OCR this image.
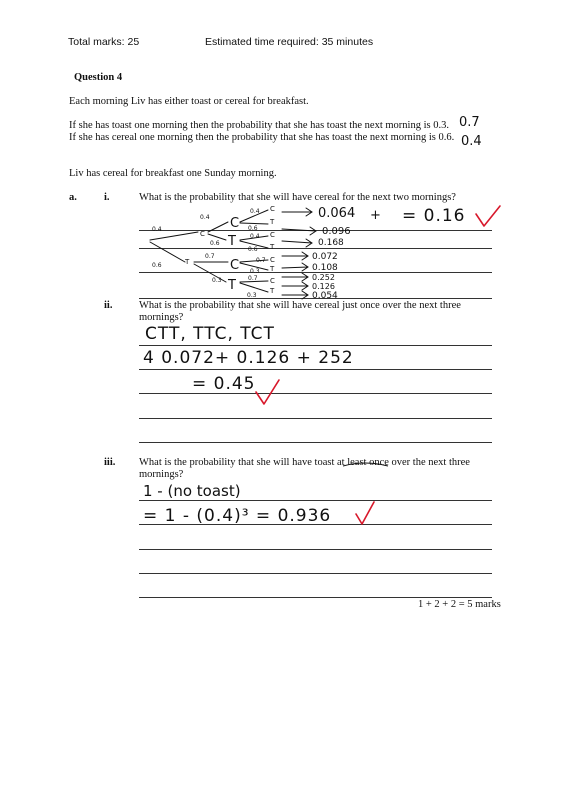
Total marks: 25	Estimated time required: 35 minutes
Question 4
Each morning Liv has either toast or cereal for breakfast.
If she has toast one morning then the probability that she has toast the next morning is 0.3.
If she has cereal one morning then the probability that she has toast the next morning is 0.6.
0.7
0.4
Liv has cereal for breakfast one Sunday morning.
a.	i.	What is the probability that she will have cereal for the next two mornings?
0.4
0.4
0.6
C
T
0.6
0.7
0.3
C
T
C
T
0.4
0.6
0.4
0.6
0.7
0.3
0.7
0.3
C
T
C
T
C
T
C
T
0.064
0.096
0.168
0.072
0.108
0.252
0.126
0.054
+ = 0.16
ii.	What is the probability that she will have cereal just once over the next three mornings?
CTT, TTC, TCT
4 0.072+ 0.126 + 252
= 0.45
iii. What is the probability that she will have toast at least once over the next three mornings?
1 - (no toast)
= 1 - (0.4)³ = 0.936
1 + 2 + 2 = 5 marks
